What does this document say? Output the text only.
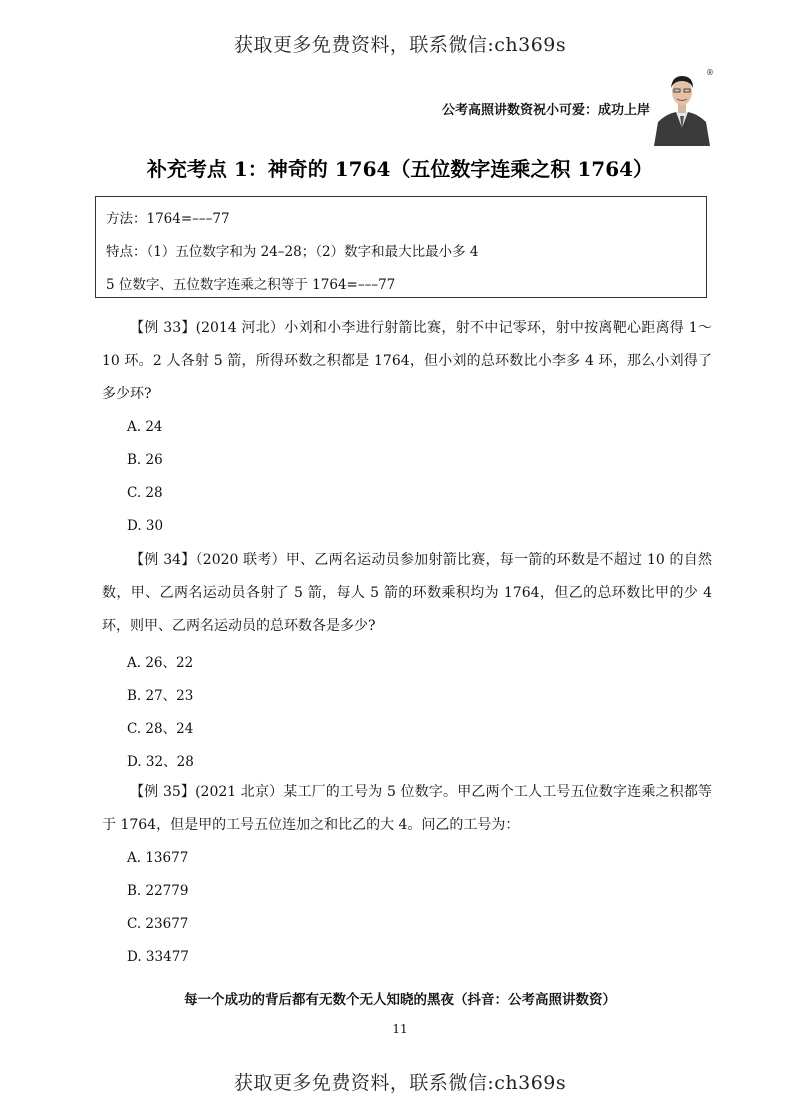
获取更多免费资料，联系微信:ch369s
公考高照讲数资祝小可爱：成功上岸
®
补充考点 1：神奇的 1764（五位数字连乘之积 1764）
方法：1764=–––77
特点：（1）五位数字和为 24–28；（2）数字和最大比最小多 4
5 位数字、五位数字连乘之积等于 1764=–––77
【例 33】(2014 河北）小刘和小李进行射箭比赛，射不中记零环，射中按离靶心距离得 1～10 环。2 人各射 5 箭，所得环数之积都是 1764，但小刘的总环数比小李多 4 环，那么小刘得了多少环?
A. 24
B. 26
C. 28
D. 30
【例 34】（2020 联考）甲、乙两名运动员参加射箭比赛，每一箭的环数是不超过 10 的自然数，甲、乙两名运动员各射了 5 箭，每人 5 箭的环数乘积均为 1764，但乙的总环数比甲的少 4 环，则甲、乙两名运动员的总环数各是多少?
A. 26、22
B. 27、23
C. 28、24
D. 32、28
【例 35】(2021 北京）某工厂的工号为 5 位数字。甲乙两个工人工号五位数字连乘之积都等于 1764，但是甲的工号五位连加之和比乙的大 4。问乙的工号为：
A. 13677
B. 22779
C. 23677
D. 33477
每一个成功的背后都有无数个无人知晓的黑夜（抖音：公考高照讲数资）
11
获取更多免费资料，联系微信:ch369s
